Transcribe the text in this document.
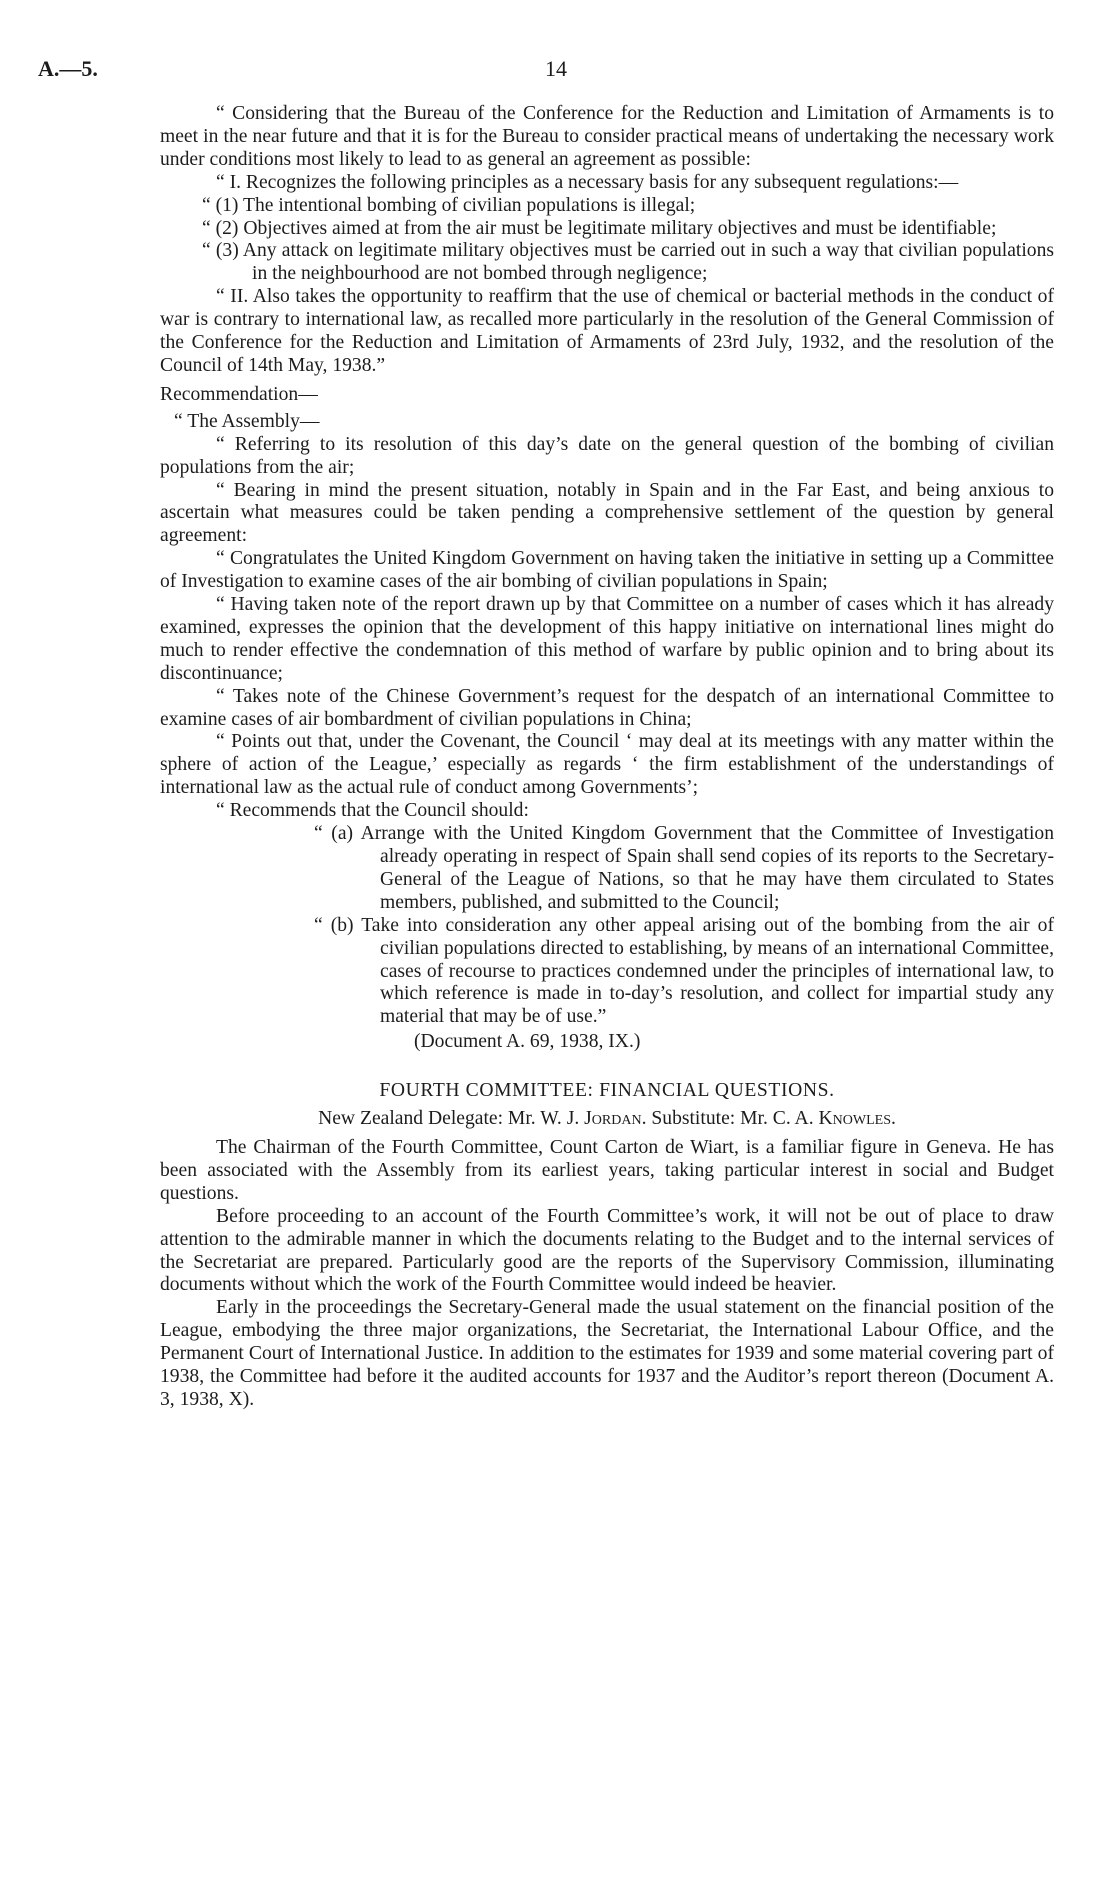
A.—5.	14

“ Considering that the Bureau of the Conference for the Reduction and Limitation of Armaments is to meet in the near future and that it is for the Bureau to consider practical means of undertaking the necessary work under conditions most likely to lead to as general an agreement as possible:

“ I. Recognizes the following principles as a necessary basis for any subsequent regulations:—

“ (1) The intentional bombing of civilian populations is illegal;

“ (2) Objectives aimed at from the air must be legitimate military objectives and must be identifiable;

“ (3) Any attack on legitimate military objectives must be carried out in such a way that civilian populations in the neighbourhood are not bombed through negligence;

“ II. Also takes the opportunity to reaffirm that the use of chemical or bacterial methods in the conduct of war is contrary to international law, as recalled more particularly in the resolution of the General Commission of the Conference for the Reduction and Limitation of Armaments of 23rd July, 1932, and the resolution of the Council of 14th May, 1938.”

Recommendation—

“ The Assembly—

“ Referring to its resolution of this day’s date on the general question of the bombing of civilian populations from the air;

“ Bearing in mind the present situation, notably in Spain and in the Far East, and being anxious to ascertain what measures could be taken pending a comprehensive settlement of the question by general agreement:

“ Congratulates the United Kingdom Government on having taken the initiative in setting up a Committee of Investigation to examine cases of the air bombing of civilian populations in Spain;

“ Having taken note of the report drawn up by that Committee on a number of cases which it has already examined, expresses the opinion that the development of this happy initiative on international lines might do much to render effective the condemnation of this method of warfare by public opinion and to bring about its discontinuance;

“ Takes note of the Chinese Government’s request for the despatch of an international Committee to examine cases of air bombardment of civilian populations in China;

“ Points out that, under the Covenant, the Council ‘ may deal at its meetings with any matter within the sphere of action of the League,’ especially as regards ‘ the firm establishment of the understandings of international law as the actual rule of conduct among Governments’;

“ Recommends that the Council should:

“ (a) Arrange with the United Kingdom Government that the Committee of Investigation already operating in respect of Spain shall send copies of its reports to the Secretary-General of the League of Nations, so that he may have them circulated to States members, published, and submitted to the Council;

“ (b) Take into consideration any other appeal arising out of the bombing from the air of civilian populations directed to establishing, by means of an international Committee, cases of recourse to practices condemned under the principles of international law, to which reference is made in to-day’s resolution, and collect for impartial study any material that may be of use.”

(Document A. 69, 1938, IX.)

FOURTH COMMITTEE: FINANCIAL QUESTIONS.

New Zealand Delegate: Mr. W. J. Jordan. Substitute: Mr. C. A. Knowles.

The Chairman of the Fourth Committee, Count Carton de Wiart, is a familiar figure in Geneva. He has been associated with the Assembly from its earliest years, taking particular interest in social and Budget questions.

Before proceeding to an account of the Fourth Committee’s work, it will not be out of place to draw attention to the admirable manner in which the documents relating to the Budget and to the internal services of the Secretariat are prepared. Particularly good are the reports of the Supervisory Commission, illuminating documents without which the work of the Fourth Committee would indeed be heavier.

Early in the proceedings the Secretary-General made the usual statement on the financial position of the League, embodying the three major organizations, the Secretariat, the International Labour Office, and the Permanent Court of International Justice. In addition to the estimates for 1939 and some material covering part of 1938, the Committee had before it the audited accounts for 1937 and the Auditor’s report thereon (Document A. 3, 1938, X).
